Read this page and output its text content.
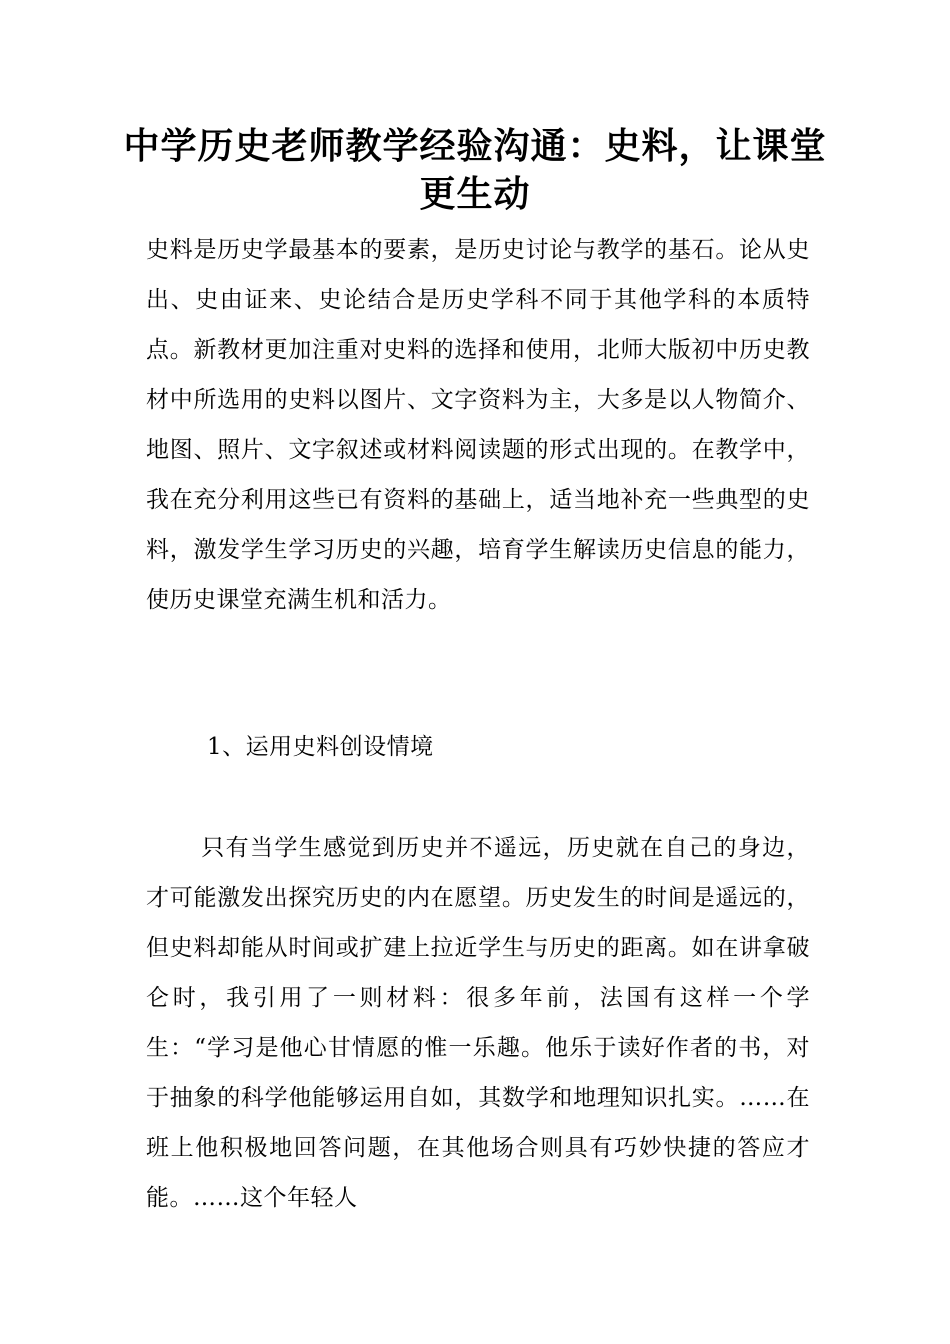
中学历史老师教学经验沟通：史料，让课堂更生动

史料是历史学最基本的要素，是历史讨论与教学的基石。论从史出、史由证来、史论结合是历史学科不同于其他学科的本质特点。新教材更加注重对史料的选择和使用，北师大版初中历史教材中所选用的史料以图片、文字资料为主，大多是以人物简介、地图、照片、文字叙述或材料阅读题的形式出现的。在教学中，我在充分利用这些已有资料的基础上，适当地补充一些典型的史料，激发学生学习历史的兴趣，培育学生解读历史信息的能力，使历史课堂充满生机和活力。

1、运用史料创设情境

只有当学生感觉到历史并不遥远，历史就在自己的身边，才可能激发出探究历史的内在愿望。历史发生的时间是遥远的，但史料却能从时间或扩建上拉近学生与历史的距离。如在讲拿破仑时，我引用了一则材料：很多年前，法国有这样一个学生：“学习是他心甘情愿的惟一乐趣。他乐于读好作者的书，对于抽象的科学他能够运用自如，其数学和地理知识扎实。……在班上他积极地回答问题，在其他场合则具有巧妙快捷的答应才能。……这个年轻人
